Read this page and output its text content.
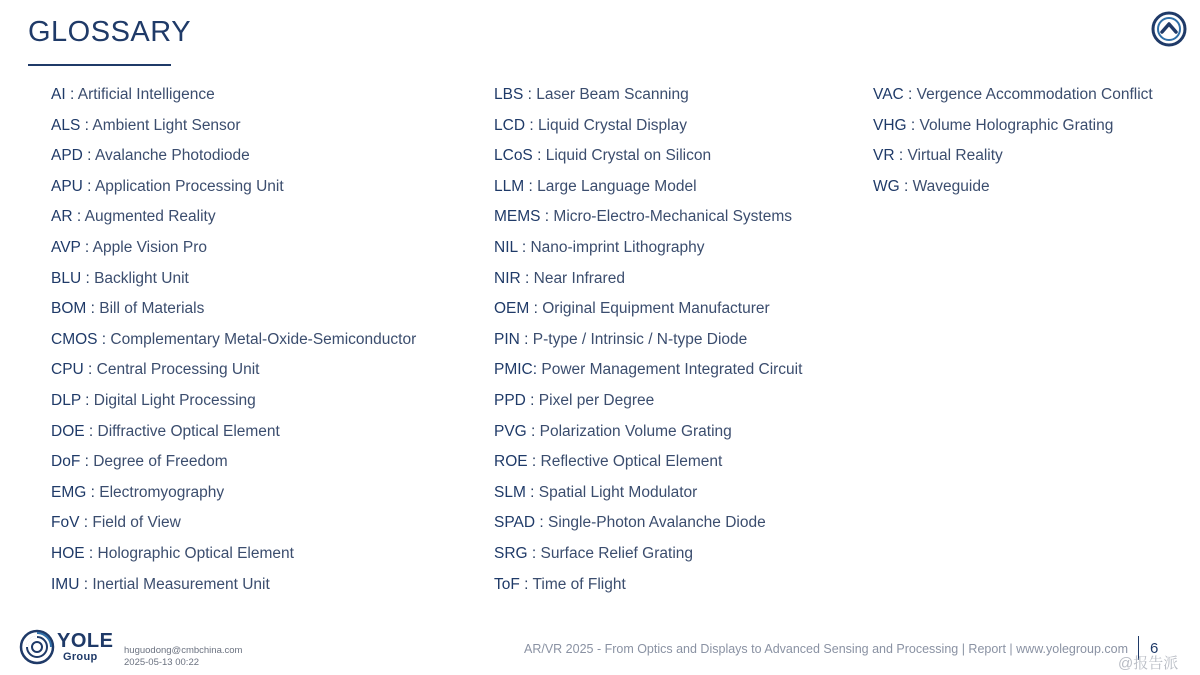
GLOSSARY
AI : Artificial Intelligence
ALS : Ambient Light Sensor
APD : Avalanche Photodiode
APU : Application Processing Unit
AR : Augmented Reality
AVP : Apple Vision Pro
BLU : Backlight Unit
BOM : Bill of Materials
CMOS : Complementary Metal-Oxide-Semiconductor
CPU : Central Processing Unit
DLP : Digital Light Processing
DOE : Diffractive Optical Element
DoF : Degree of Freedom
EMG : Electromyography
FoV : Field of View
HOE : Holographic Optical Element
IMU : Inertial Measurement Unit
LBS : Laser Beam Scanning
LCD : Liquid Crystal Display
LCoS : Liquid Crystal on Silicon
LLM : Large Language Model
MEMS : Micro-Electro-Mechanical Systems
NIL : Nano-imprint Lithography
NIR : Near Infrared
OEM : Original Equipment Manufacturer
PIN : P-type / Intrinsic / N-type Diode
PMIC: Power Management Integrated Circuit
PPD : Pixel per Degree
PVG : Polarization Volume Grating
ROE : Reflective Optical Element
SLM : Spatial Light Modulator
SPAD : Single-Photon Avalanche Diode
SRG : Surface Relief Grating
ToF : Time of Flight
VAC : Vergence Accommodation Conflict
VHG : Volume Holographic Grating
VR : Virtual Reality
WG : Waveguide
YOLE
Group
huguodong@cmbchina.com
2025-05-13 00:22
AR/VR 2025 - From Optics and Displays to Advanced Sensing and Processing | Report | www.yolegroup.com 6
@报告派
